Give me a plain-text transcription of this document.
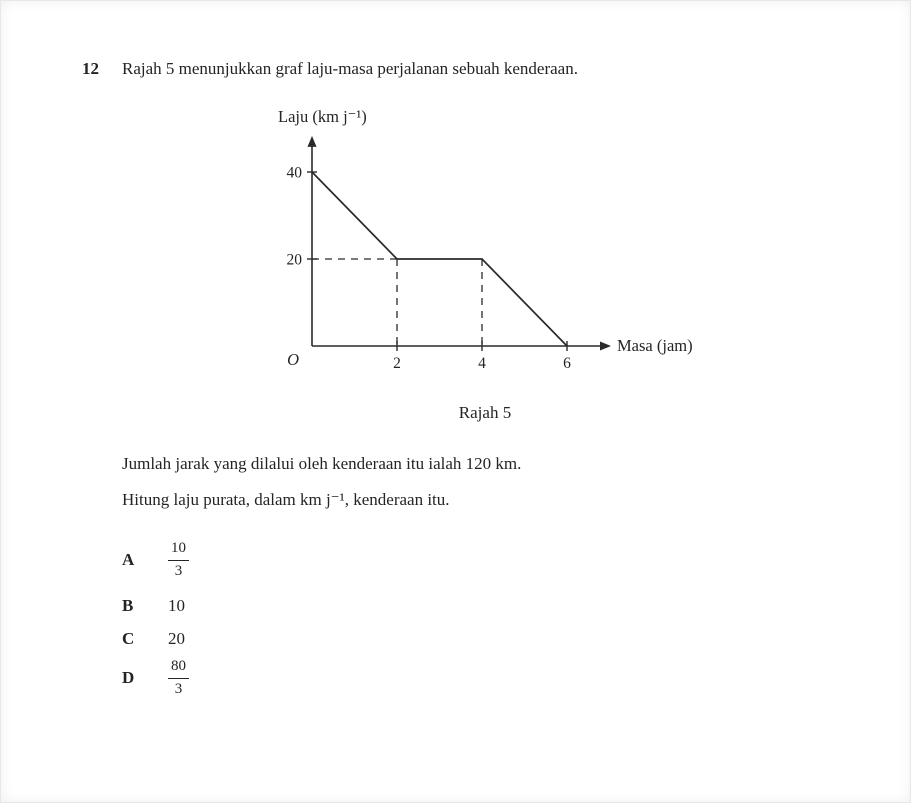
12 Rajah 5 menunjukkan graf laju-masa perjalanan sebuah kenderaan.
20
40
2	4	6
Laju (km j⁻¹)
Masa (jam)
O
Rajah 5

Jumlah jarak yang dilalui oleh kenderaan itu ialah 120 km.

Hitung laju purata, dalam km j⁻¹, kenderaan itu.

A	$\frac{10}{3}$
B	10
C	20
D	$\frac{80}{3}$
